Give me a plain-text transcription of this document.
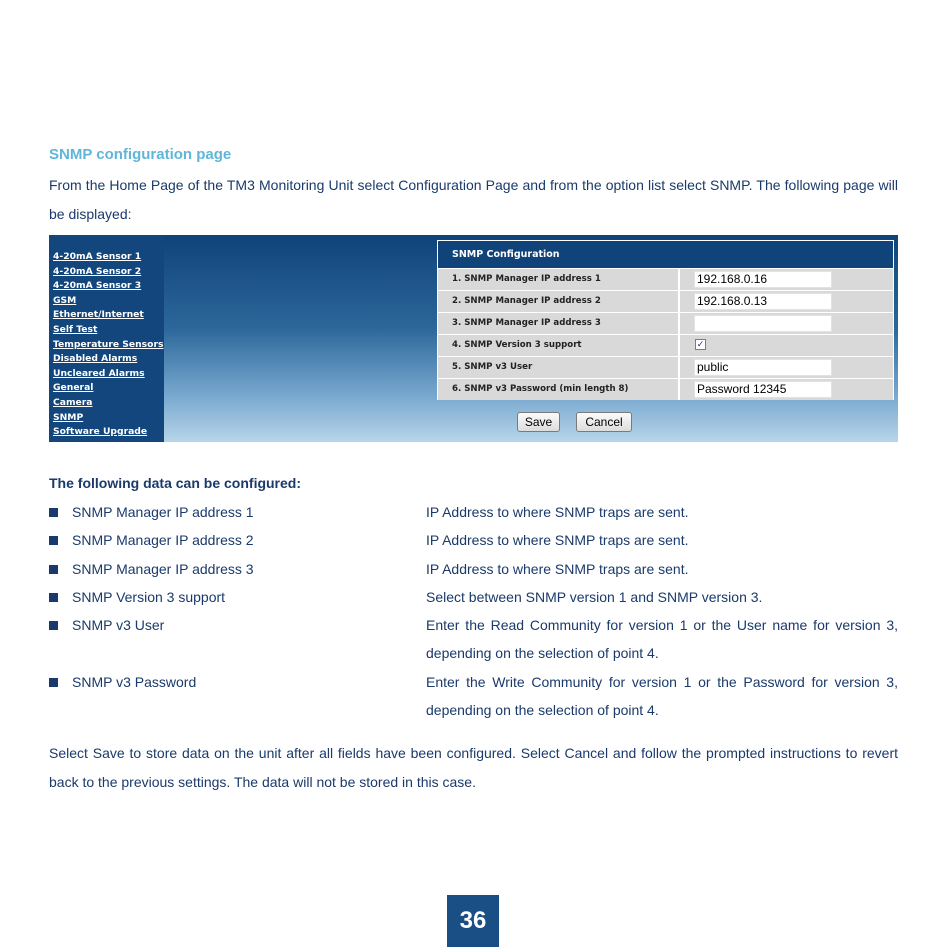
SNMP configuration page
From the Home Page of the TM3 Monitoring Unit select Configuration Page and from the option list select SNMP. The following page will be displayed:
4-20mA Sensor 1
4-20mA Sensor 2
4-20mA Sensor 3
GSM
Ethernet/Internet
Self Test
Temperature Sensors
Disabled Alarms
Uncleared Alarms
General
Camera
SNMP
Software Upgrade
SNMP Configuration
1. SNMP Manager IP address 1	192.168.0.16
2. SNMP Manager IP address 2	192.168.0.13
3. SNMP Manager IP address 3
4. SNMP Version 3 support	✓
5. SNMP v3 User	public
6. SNMP v3 Password (min length 8)	Password 12345
Save	Cancel
The following data can be configured:
SNMP Manager IP address 1	IP Address to where SNMP traps are sent.
SNMP Manager IP address 2	IP Address to where SNMP traps are sent.
SNMP Manager IP address 3	IP Address to where SNMP traps are sent.
SNMP Version 3 support	Select between SNMP version 1 and SNMP version 3.
SNMP v3 User	Enter the Read Community for version 1 or the User name for version 3, depending on the selection of point 4.
SNMP v3 Password	Enter the Write Community for version 1 or the Password for version 3, depending on the selection of point 4.
Select Save to store data on the unit after all fields have been configured. Select Cancel and follow the prompted instructions to revert back to the previous settings. The data will not be stored in this case.
36
